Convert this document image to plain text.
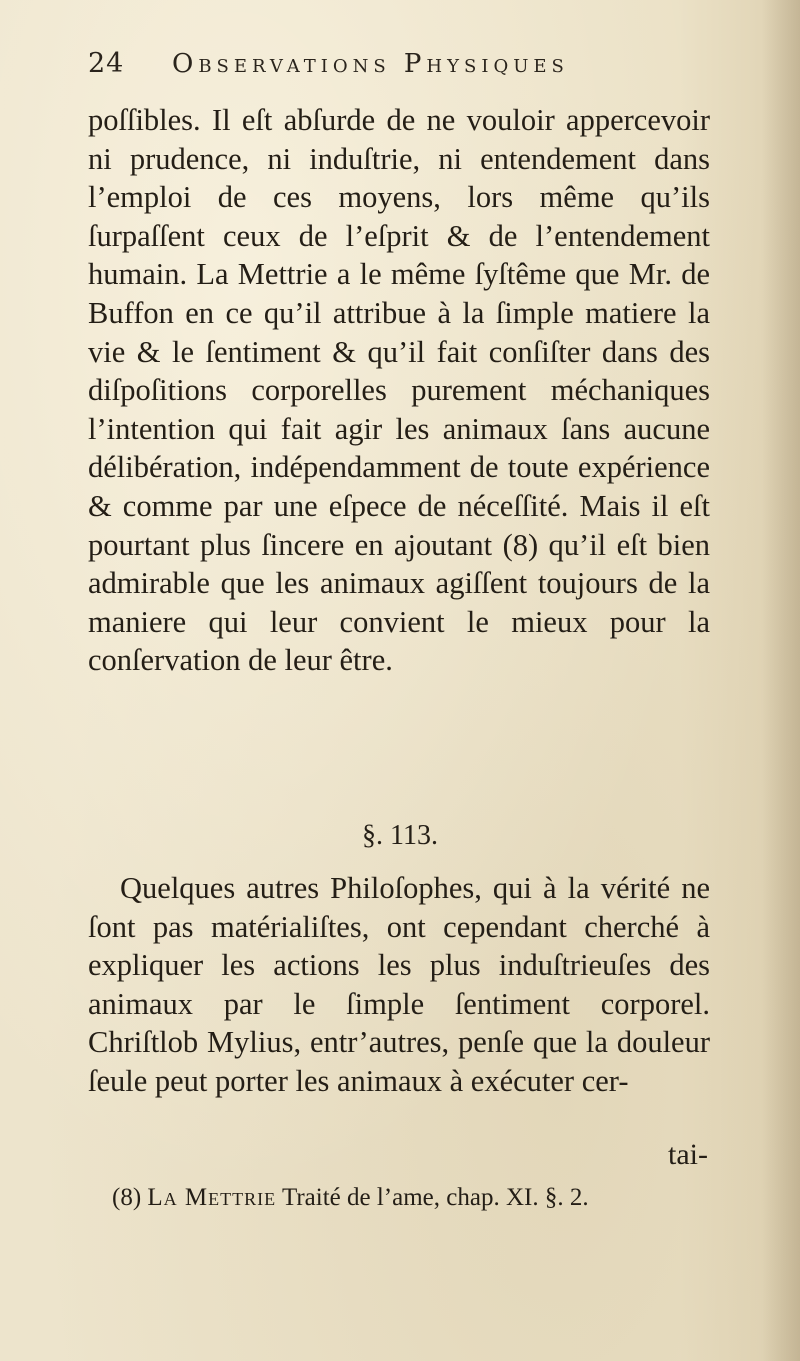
24 Observations Physiques

poſſibles. Il eſt abſurde de ne vouloir appercevoir ni prudence, ni induſtrie, ni entendement dans l’emploi de ces moyens, lors même qu’ils ſurpaſſent ceux de l’eſprit & de l’entendement humain. La Mettrie a le même ſyſtême que Mr. de Buffon en ce qu’il attribue à la ſimple matiere la vie & le ſentiment & qu’il fait conſiſter dans des diſpoſitions corporelles purement méchaniques l’intention qui fait agir les animaux ſans aucune délibération, indépendamment de toute expérience & comme par une eſpece de néceſſité. Mais il eſt pourtant plus ſincere en ajoutant (8) qu’il eſt bien admirable que les animaux agiſſent toujours de la maniere qui leur convient le mieux pour la conſervation de leur être.

§. 113.
Quelques autres Philoſophes, qui à la vérité ne ſont pas matérialiſtes, ont cependant cherché à expliquer les actions les plus induſtrieuſes des animaux par le ſimple ſentiment corporel. Chriſtlob Mylius, entr’autres, penſe que la douleur ſeule peut porter les animaux à exécuter cer-
tai-
(8) La Mettrie Traité de l’ame, chap. XI. §. 2.
